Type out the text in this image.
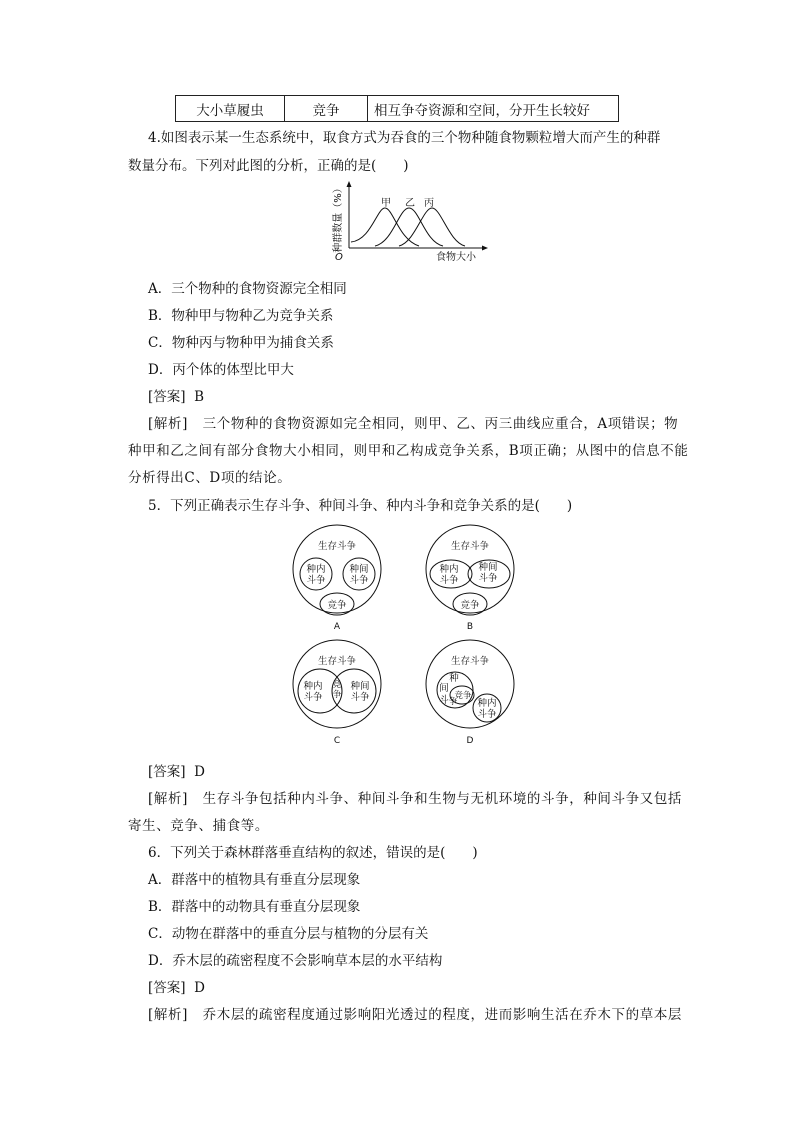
大小草履虫	竞争	相互争夺资源和空间，分开生长较好
4.如图表示某一生态系统中，取食方式为吞食的三个物种随食物颗粒增大而产生的种群
数量分布。下列对此图的分析，正确的是(　　)
种群数量（%）
O	食物大小
甲 乙 丙
A．三个物种的食物资源完全相同
B．物种甲与物种乙为竞争关系
C．物种丙与物种甲为捕食关系
D．丙个体的体型比甲大
[答案] B
[解析] 三个物种的食物资源如完全相同，则甲、乙、丙三曲线应重合，A项错误；物
种甲和乙之间有部分食物大小相同，则甲和乙构成竞争关系，B项正确；从图中的信息不能
分析得出C、D项的结论。
5．下列正确表示生存斗争、种间斗争、种内斗争和竞争关系的是(　　)
生存斗争
种内
斗争
种间
斗争
竞争
A
生存斗争
种内
斗争
种间
斗争
竞争
B
生存斗争
种内
斗争
竞
争
种间
斗争
C
生存斗争
种
间
斗 争
竞争
种内
斗争
D
[答案] D
[解析] 生存斗争包括种内斗争、种间斗争和生物与无机环境的斗争，种间斗争又包括
寄生、竞争、捕食等。
6．下列关于森林群落垂直结构的叙述，错误的是(　　)
A．群落中的植物具有垂直分层现象
B．群落中的动物具有垂直分层现象
C．动物在群落中的垂直分层与植物的分层有关
D．乔木层的疏密程度不会影响草本层的水平结构
[答案] D
[解析] 乔木层的疏密程度通过影响阳光透过的程度，进而影响生活在乔木下的草本层
